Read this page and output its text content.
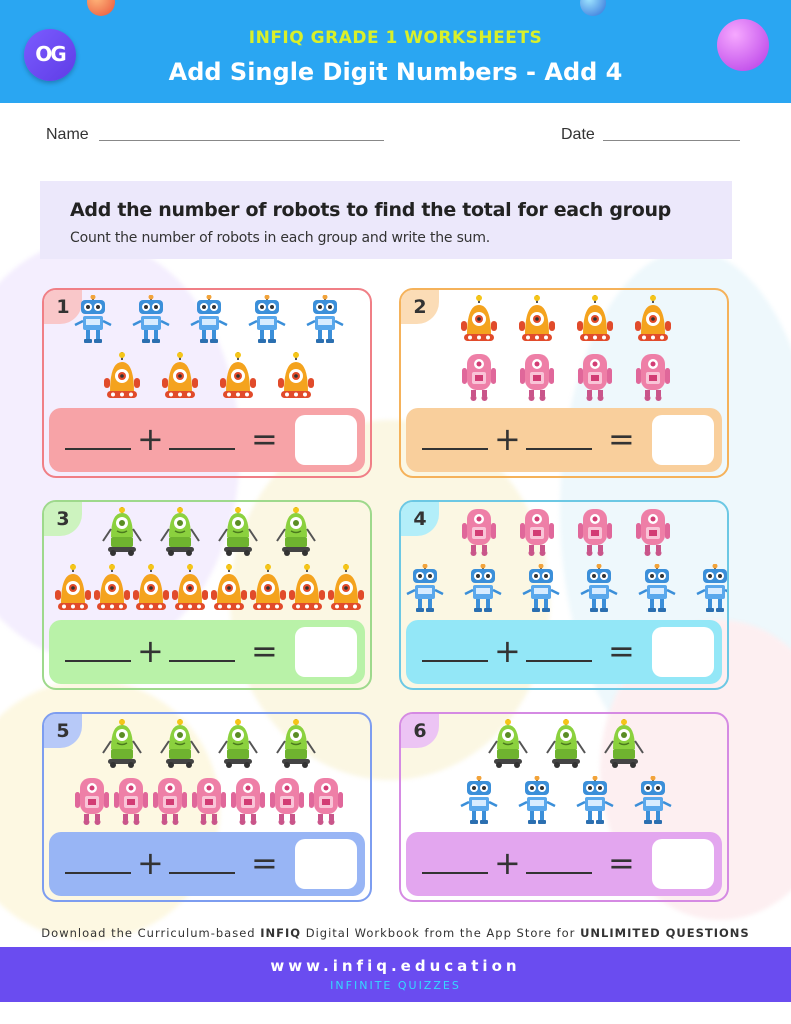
OG
INFIQ GRADE 1 WORKSHEETS
Add Single Digit Numbers - Add 4
Name	Date
Add the number of robots to find the total for each group
Count the number of robots in each group and write the sum.
1
+	=
2
+	=
3
+	=
4
+	=
5
+	=
6
+	=
Download the Curriculum-based INFIQ Digital Workbook from the App Store for UNLIMITED QUESTIONS
www.infiq.education
INFINITE QUIZZES
